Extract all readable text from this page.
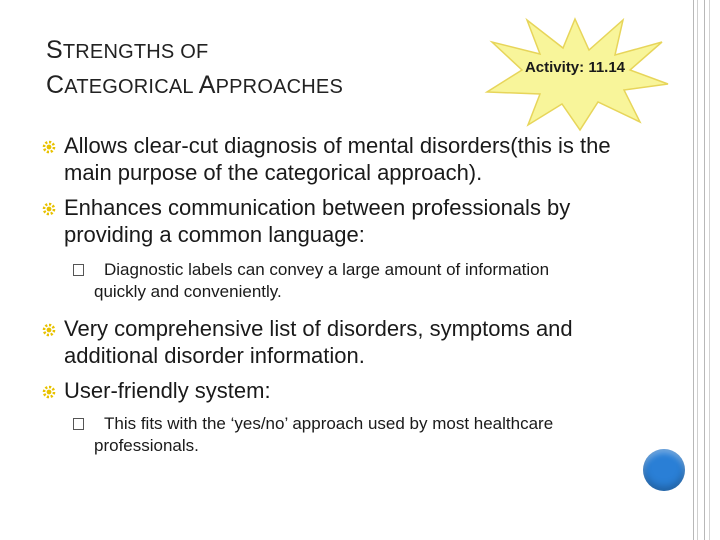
STRENGTHS OF
CATEGORICAL APPROACHES
Activity: 11.14
Allows clear-cut diagnosis of mental disorders(this is the main purpose of the categorical approach).
Enhances communication between professionals by providing a common language:
Diagnostic labels can convey a large amount of information quickly and conveniently.
Very comprehensive list of disorders, symptoms and additional disorder information.
User-friendly system:
This fits with the ‘yes/no’ approach used by most healthcare professionals.
